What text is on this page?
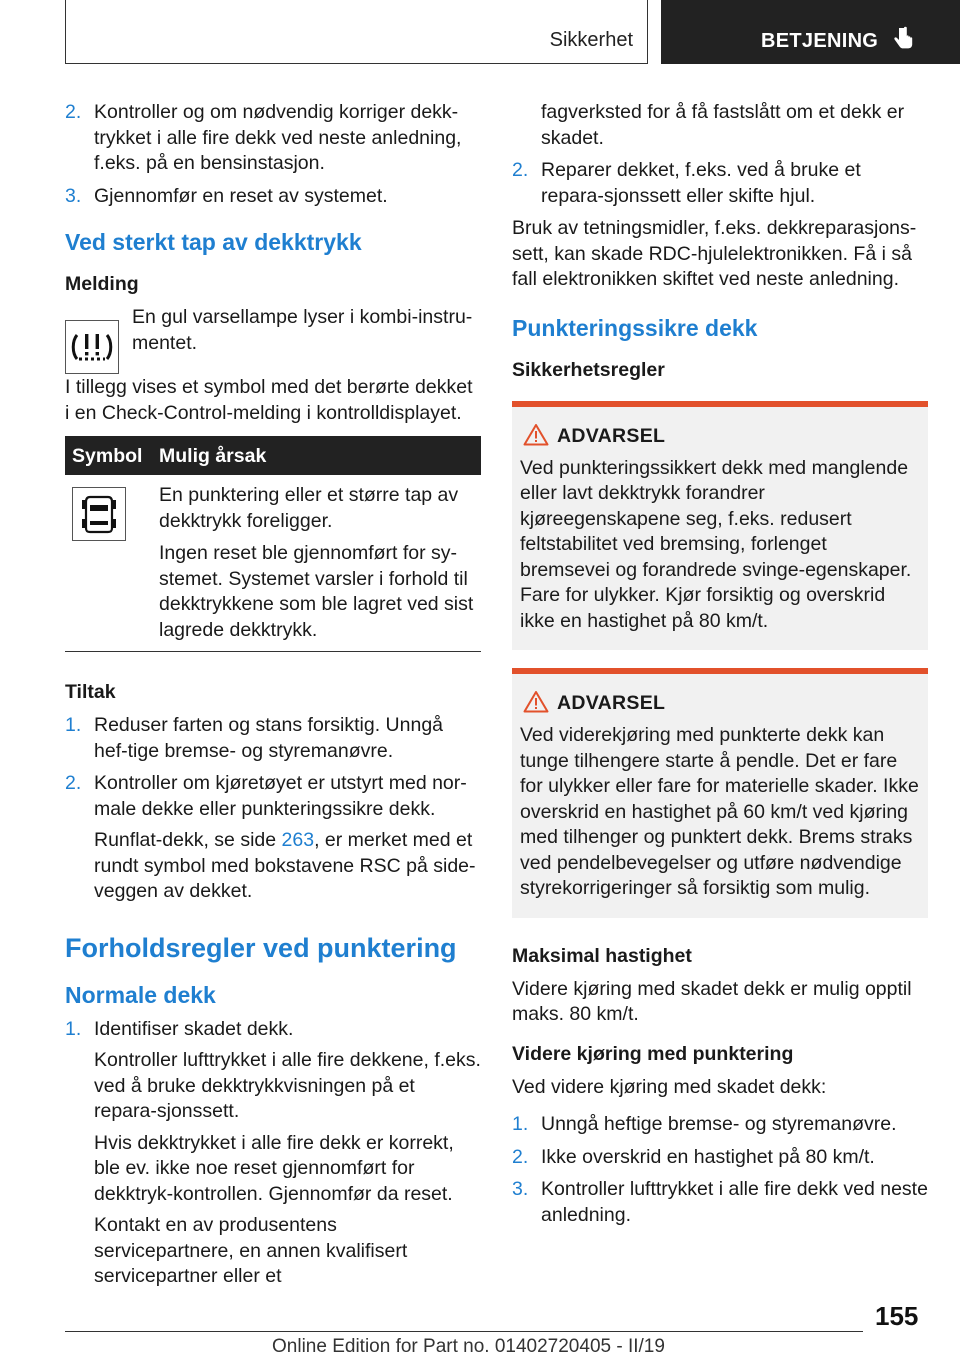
Sikkerhet	BETJENING
2. Kontroller og om nødvendig korriger dekk-trykket i alle fire dekk ved neste anledning, f.eks. på en bensinstasjon.
3. Gjennomfør en reset av systemet.
Ved sterkt tap av dekktrykk
Melding
En gul varsellampe lyser i kombi-instru-mentet.

I tillegg vises et symbol med det berørte dekket i en Check-Control-melding i kontrolldisplayet.

Symbol Mulig årsak

En punktering eller et større tap av dekktrykk foreligger.

Ingen reset ble gjennomført for sy-stemet. Systemet varsler i forhold til dekktrykkene som ble lagret ved sist lagrede dekktrykk.

Tiltak
1. Reduser farten og stans forsiktig. Unngå hef-tige bremse- og styremanøvre.
2. Kontroller om kjøretøyet er utstyrt med nor-male dekke eller punkteringssikre dekk.
Runflat-dekk, se side 263, er merket med et rundt symbol med bokstavene RSC på side-veggen av dekket.
Forholdsregler ved punktering
Normale dekk
1. Identifiser skadet dekk.
Kontroller lufttrykket i alle fire dekkene, f.eks. ved å bruke dekktrykkvisningen på et repara-sjonssett.
Hvis dekktrykket i alle fire dekk er korrekt, ble ev. ikke noe reset gjennomført for dekktryk-kontrollen. Gjennomfør da reset.
Kontakt en av produsentens servicepartnere, en annen kvalifisert servicepartner eller et
fagverksted for å få fastslått om et dekk er skadet.
2. Reparer dekket, f.eks. ved å bruke et repara-sjonssett eller skifte hjul.

Bruk av tetningsmidler, f.eks. dekkreparasjons-sett, kan skade RDC-hjulelektronikken. Få i så fall elektronikken skiftet ved neste anledning.

Punkteringssikre dekk
Sikkerhetsregler
ADVARSEL

Ved punkteringssikkert dekk med manglende eller lavt dekktrykk forandrer kjøreegenskapene seg, f.eks. redusert feltstabilitet ved bremsing, forlenget bremsevei og forandrede svinge-egenskaper. Fare for ulykker. Kjør forsiktig og overskrid ikke en hastighet på 80 km/t.

ADVARSEL

Ved viderekjøring med punkterte dekk kan tunge tilhengere starte å pendle. Det er fare for ulykker eller fare for materielle skader. Ikke overskrid en hastighet på 60 km/t ved kjøring med tilhenger og punktert dekk. Brems straks ved pendelbevegelser og utføre nødvendige styrekorrigeringer så forsiktig som mulig.

Maksimal hastighet

Videre kjøring med skadet dekk er mulig opptil maks. 80 km/t.

Videre kjøring med punktering

Ved videre kjøring med skadet dekk:

1. Unngå heftige bremse- og styremanøvre.
2. Ikke overskrid en hastighet på 80 km/t.
3. Kontroller lufttrykket i alle fire dekk ved neste anledning.
155
Online Edition for Part no. 01402720405 - II/19
